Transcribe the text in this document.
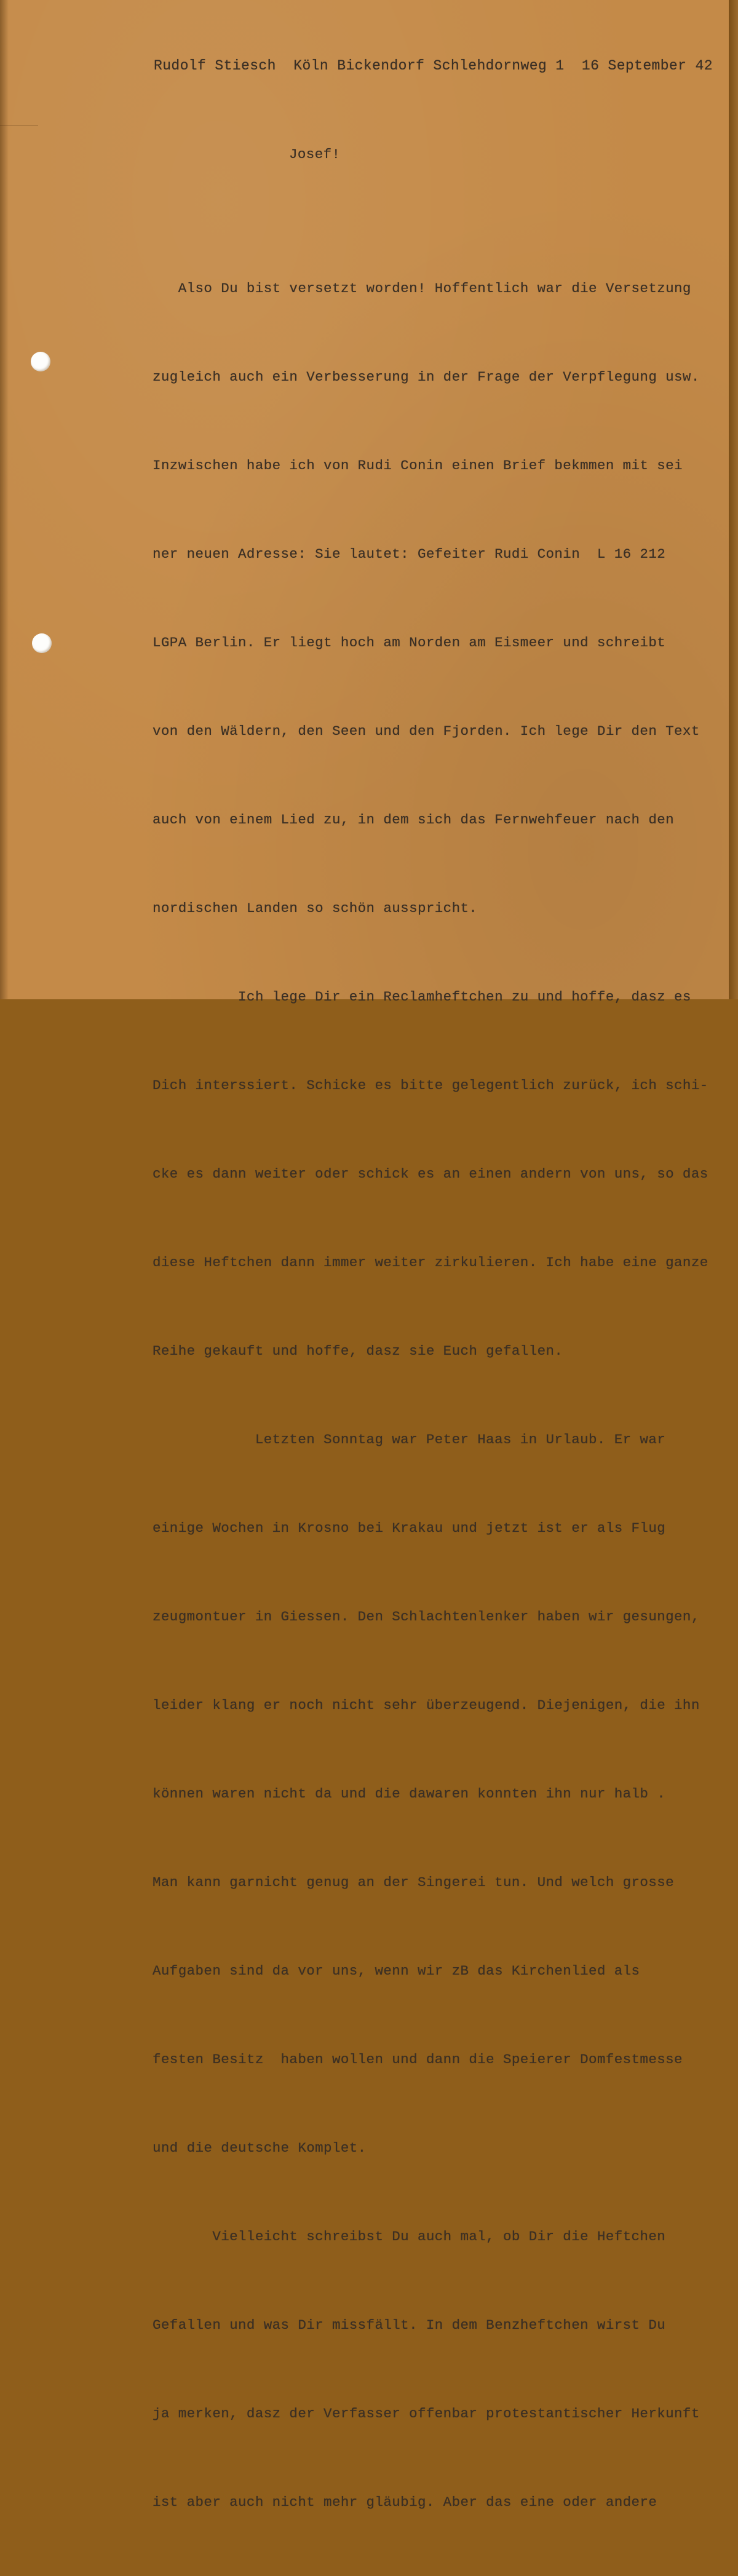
Rudolf Stiesch  Köln Bickendorf Schlehdornweg 1  16 September 42
Josef!

Also Du bist versetzt worden! Hoffentlich war die Versetzung

zugleich auch ein Verbesserung in der Frage der Verpflegung usw.

Inzwischen habe ich von Rudi Conin einen Brief bekmmen mit sei

ner neuen Adresse: Sie lautet: Gefeiter Rudi Conin  L 16 212

LGPA Berlin. Er liegt hoch am Norden am Eismeer und schreibt

von den Wäldern, den Seen und den Fjorden. Ich lege Dir den Text

auch von einem Lied zu, in dem sich das Fernwehfeuer nach den

nordischen Landen so schön ausspricht.

Ich lege Dir ein Reclamheftchen zu und hoffe, dasz es

Dich interssiert. Schicke es bitte gelegentlich zurück, ich schi-

cke es dann weiter oder schick es an einen andern von uns, so das

diese Heftchen dann immer weiter zirkulieren. Ich habe eine ganze

Reihe gekauft und hoffe, dasz sie Euch gefallen.

Letzten Sonntag war Peter Haas in Urlaub. Er war

einige Wochen in Krosno bei Krakau und jetzt ist er als Flug

zeugmontuer in Giessen. Den Schlachtenlenker haben wir gesungen,

leider klang er noch nicht sehr überzeugend. Diejenigen, die ihn

können waren nicht da und die dawaren konnten ihn nur halb .

Man kann garnicht genug an der Singerei tun. Und welch grosse

Aufgaben sind da vor uns, wenn wir zB das Kirchenlied als

festen Besitz  haben wollen und dann die Speierer Domfestmesse

und die deutsche Komplet.

Vielleicht schreibst Du auch mal, ob Dir die Heftchen

Gefallen und was Dir missfällt. In dem Benzheftchen wirst Du

ja merken, dasz der Verfasser offenbar protestantischer Herkunft

ist aber auch nicht mehr gläubig. Aber das eine oder andere
